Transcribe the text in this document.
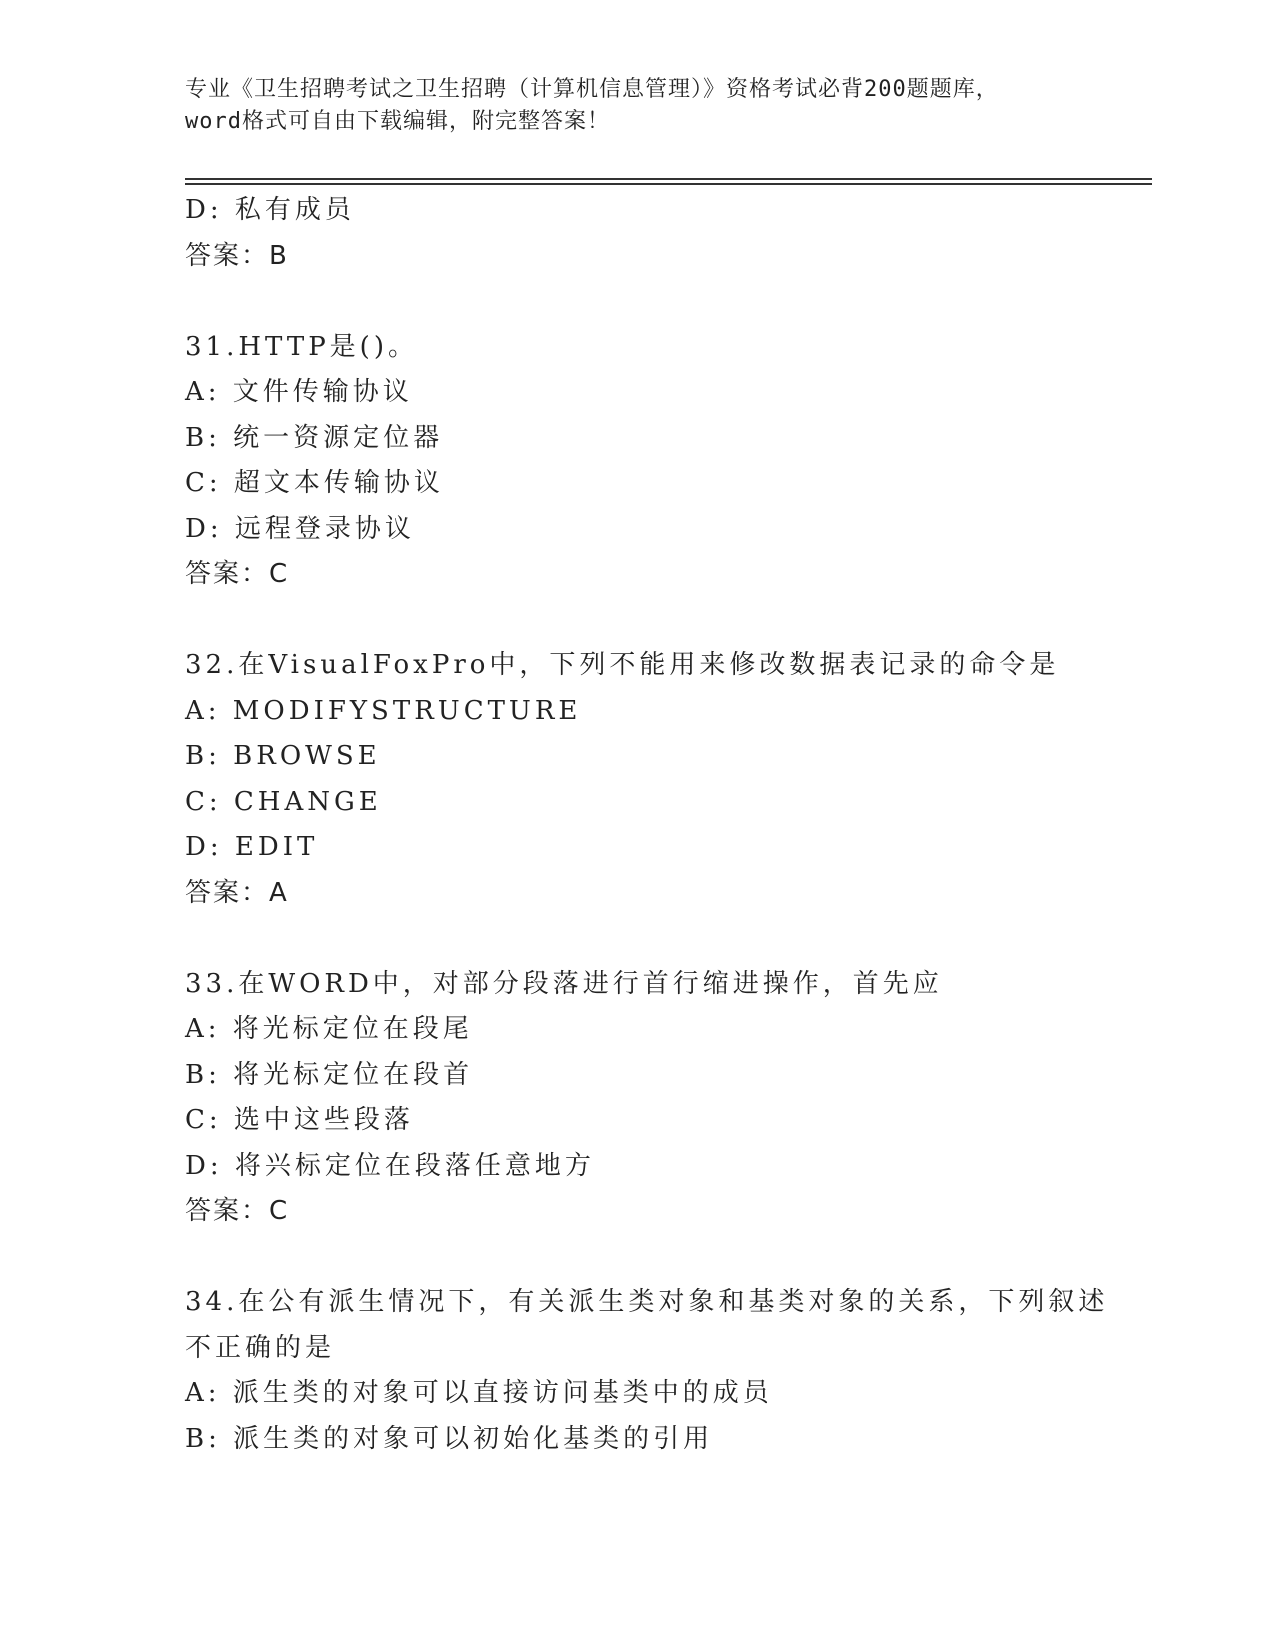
专业《卫生招聘考试之卫生招聘（计算机信息管理）》资格考试必背200题题库，
word格式可自由下载编辑，附完整答案！
D: 私有成员
答案：B
31.HTTP是()。
A: 文件传输协议
B: 统一资源定位器
C: 超文本传输协议
D: 远程登录协议
答案：C
32.在VisualFoxPro中，下列不能用来修改数据表记录的命令是
A: MODIFYSTRUCTURE
B: BROWSE
C: CHANGE
D: EDIT
答案：A
33.在WORD中，对部分段落进行首行缩进操作，首先应
A: 将光标定位在段尾
B: 将光标定位在段首
C: 选中这些段落
D: 将兴标定位在段落任意地方
答案：C
34.在公有派生情况下，有关派生类对象和基类对象的关系，下列叙述
不正确的是
A: 派生类的对象可以直接访问基类中的成员
B: 派生类的对象可以初始化基类的引用
